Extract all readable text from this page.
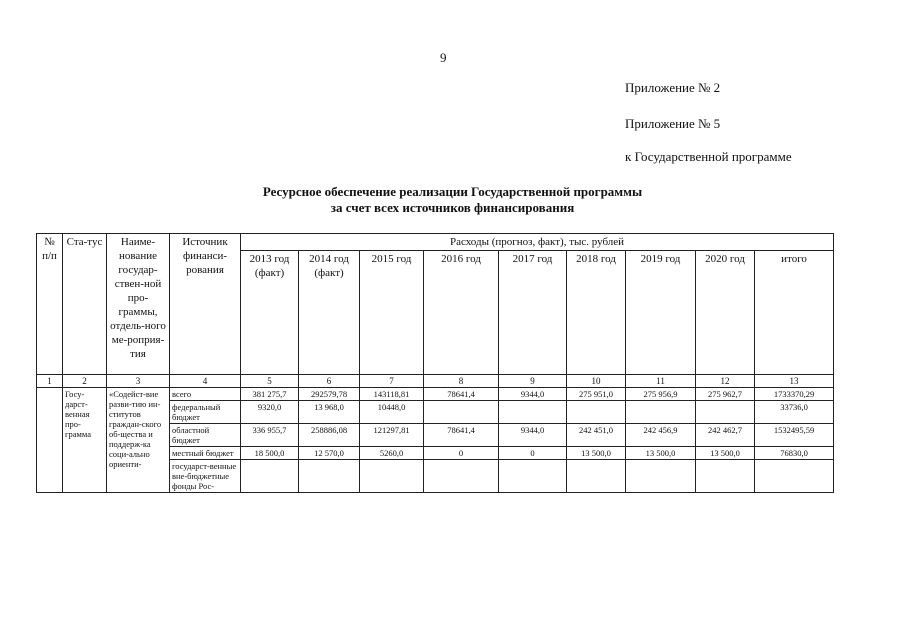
9
Приложение № 2
Приложение № 5
к Государственной программе
Ресурсное обеспечение реализации Государственной программы
за счет всех источников финансирования
№ п/п	Ста-тус	Наиме-нование государ-ствен-ной про-граммы, отдель-ного ме-роприя-тия	Источник финанси-рования	Расходы (прогноз, факт), тыс. рублей								
				2013 год (факт)	2014 год (факт)	2015 год	2016 год	2017 год	2018 год	2019 год	2020 год	итого
1	2	3	4	5	6	7	8	9	10	11	12	13
	Госу-дарст-венная про-грамма	«Содейст-вие разви-тию ин-ститутов граждан-ского об-щества и поддерж-ка соци-ально ориенти-	всего	381 275,7	292579,78	143118,81	78641,4	9344,0	275 951,0	275 956,9	275 962,7	1733370,29
			федеральный бюджет	9320,0	13 968,0	10448,0						33736,0
			областной бюджет	336 955,7	258886,08	121297,81	78641,4	9344,0	242 451,0	242 456,9	242 462,7	1532495,59
			местный бюджет	18 500,0	12 570,0	5260,0	0	0	13 500,0	13 500,0	13 500,0	76830,0
			государст-венные вне-бюджетные фонды Рос-									
